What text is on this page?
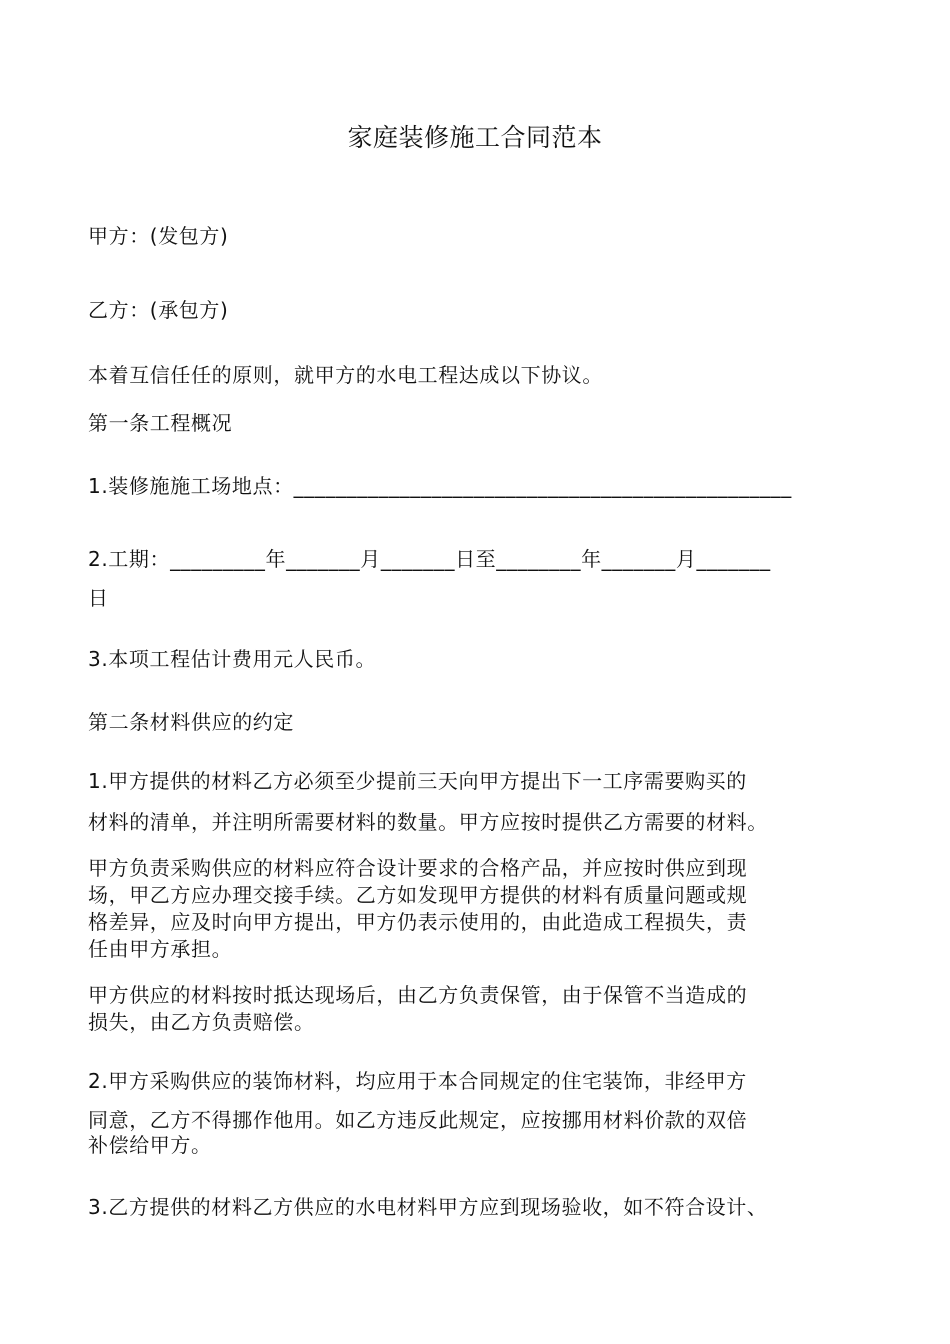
家庭装修施工合同范本
甲方：(发包方)
乙方：(承包方)
本着互信任任的原则，就甲方的水电工程达成以下协议。
第一条工程概况
1.装修施施工场地点：_______________________________________________
2.工期：_________年_______月_______日至________年_______月_______
日
3.本项工程估计费用元人民币。
第二条材料供应的约定
1.甲方提供的材料乙方必须至少提前三天向甲方提出下一工序需要购买的
材料的清单，并注明所需要材料的数量。甲方应按时提供乙方需要的材料。
甲方负责采购供应的材料应符合设计要求的合格产品，并应按时供应到现
场，甲乙方应办理交接手续。乙方如发现甲方提供的材料有质量问题或规
格差异，应及时向甲方提出，甲方仍表示使用的，由此造成工程损失，责
任由甲方承担。
甲方供应的材料按时抵达现场后，由乙方负责保管，由于保管不当造成的
损失，由乙方负责赔偿。
2.甲方采购供应的装饰材料，均应用于本合同规定的住宅装饰，非经甲方
同意，乙方不得挪作他用。如乙方违反此规定，应按挪用材料价款的双倍
补偿给甲方。
3.乙方提供的材料乙方供应的水电材料甲方应到现场验收，如不符合设计、
